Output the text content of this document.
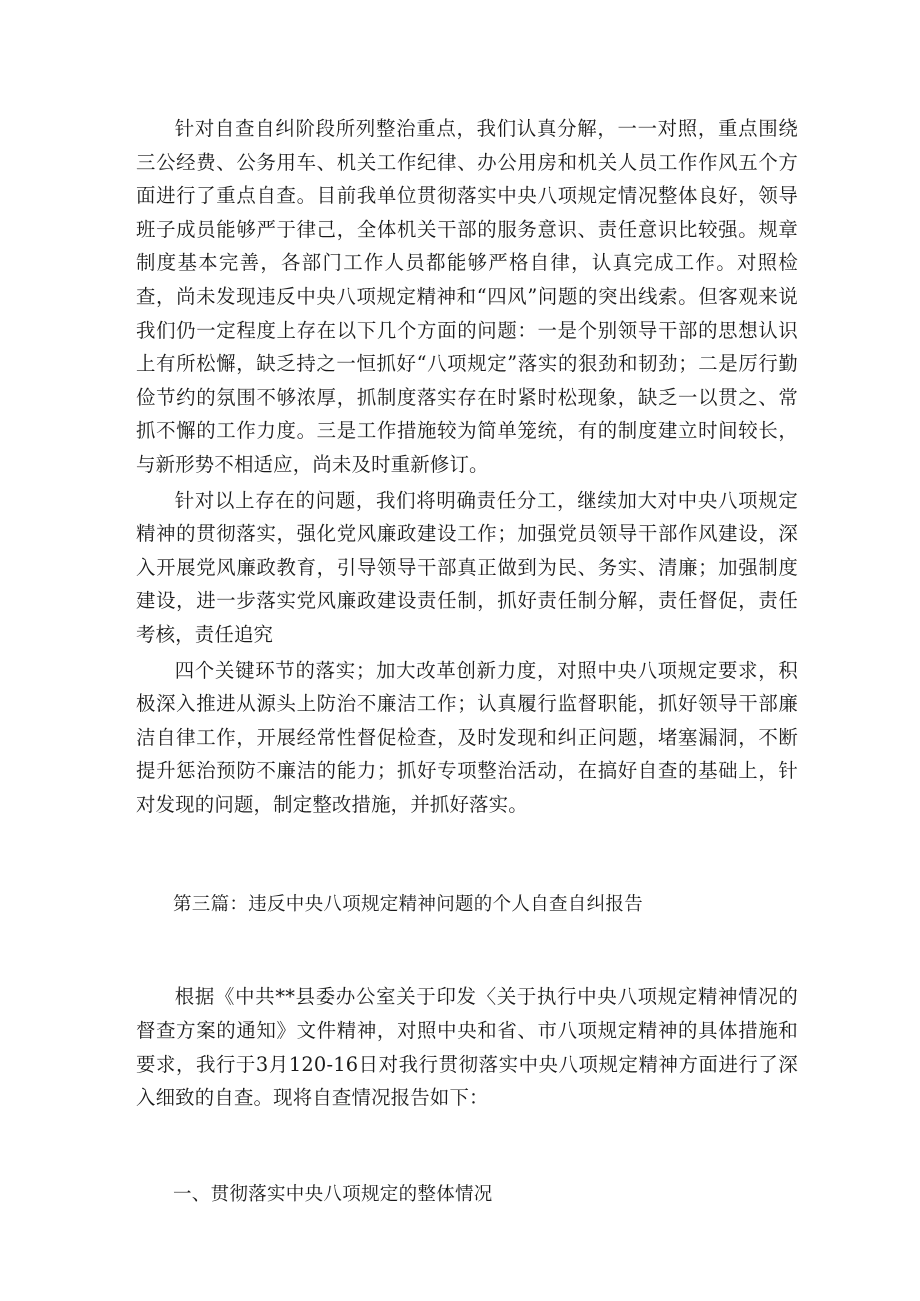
针对自查自纠阶段所列整治重点，我们认真分解，一一对照，重点围绕三公经费、公务用车、机关工作纪律、办公用房和机关人员工作作风五个方面进行了重点自查。目前我单位贯彻落实中央八项规定情况整体良好，领导班子成员能够严于律己，全体机关干部的服务意识、责任意识比较强。规章制度基本完善，各部门工作人员都能够严格自律，认真完成工作。对照检查，尚未发现违反中央八项规定精神和“四风”问题的突出线索。但客观来说我们仍一定程度上存在以下几个方面的问题：一是个别领导干部的思想认识上有所松懈，缺乏持之一恒抓好“八项规定”落实的狠劲和韧劲；二是厉行勤俭节约的氛围不够浓厚，抓制度落实存在时紧时松现象，缺乏一以贯之、常抓不懈的工作力度。三是工作措施较为简单笼统，有的制度建立时间较长，与新形势不相适应，尚未及时重新修订。

针对以上存在的问题，我们将明确责任分工，继续加大对中央八项规定精神的贯彻落实，强化党风廉政建设工作；加强党员领导干部作风建设，深入开展党风廉政教育，引导领导干部真正做到为民、务实、清廉；加强制度建设，进一步落实党风廉政建设责任制，抓好责任制分解，责任督促，责任考核，责任追究

四个关键环节的落实；加大改革创新力度，对照中央八项规定要求，积极深入推进从源头上防治不廉洁工作；认真履行监督职能，抓好领导干部廉洁自律工作，开展经常性督促检查，及时发现和纠正问题，堵塞漏洞，不断提升惩治预防不廉洁的能力；抓好专项整治活动，在搞好自查的基础上，针对发现的问题，制定整改措施，并抓好落实。

第三篇：违反中央八项规定精神问题的个人自查自纠报告

根据《中共**县委办公室关于印发〈关于执行中央八项规定精神情况的督查方案的通知》文件精神，对照中央和省、市八项规定精神的具体措施和要求，我行于3月120-16日对我行贯彻落实中央八项规定精神方面进行了深入细致的自查。现将自查情况报告如下：

一、贯彻落实中央八项规定的整体情况
